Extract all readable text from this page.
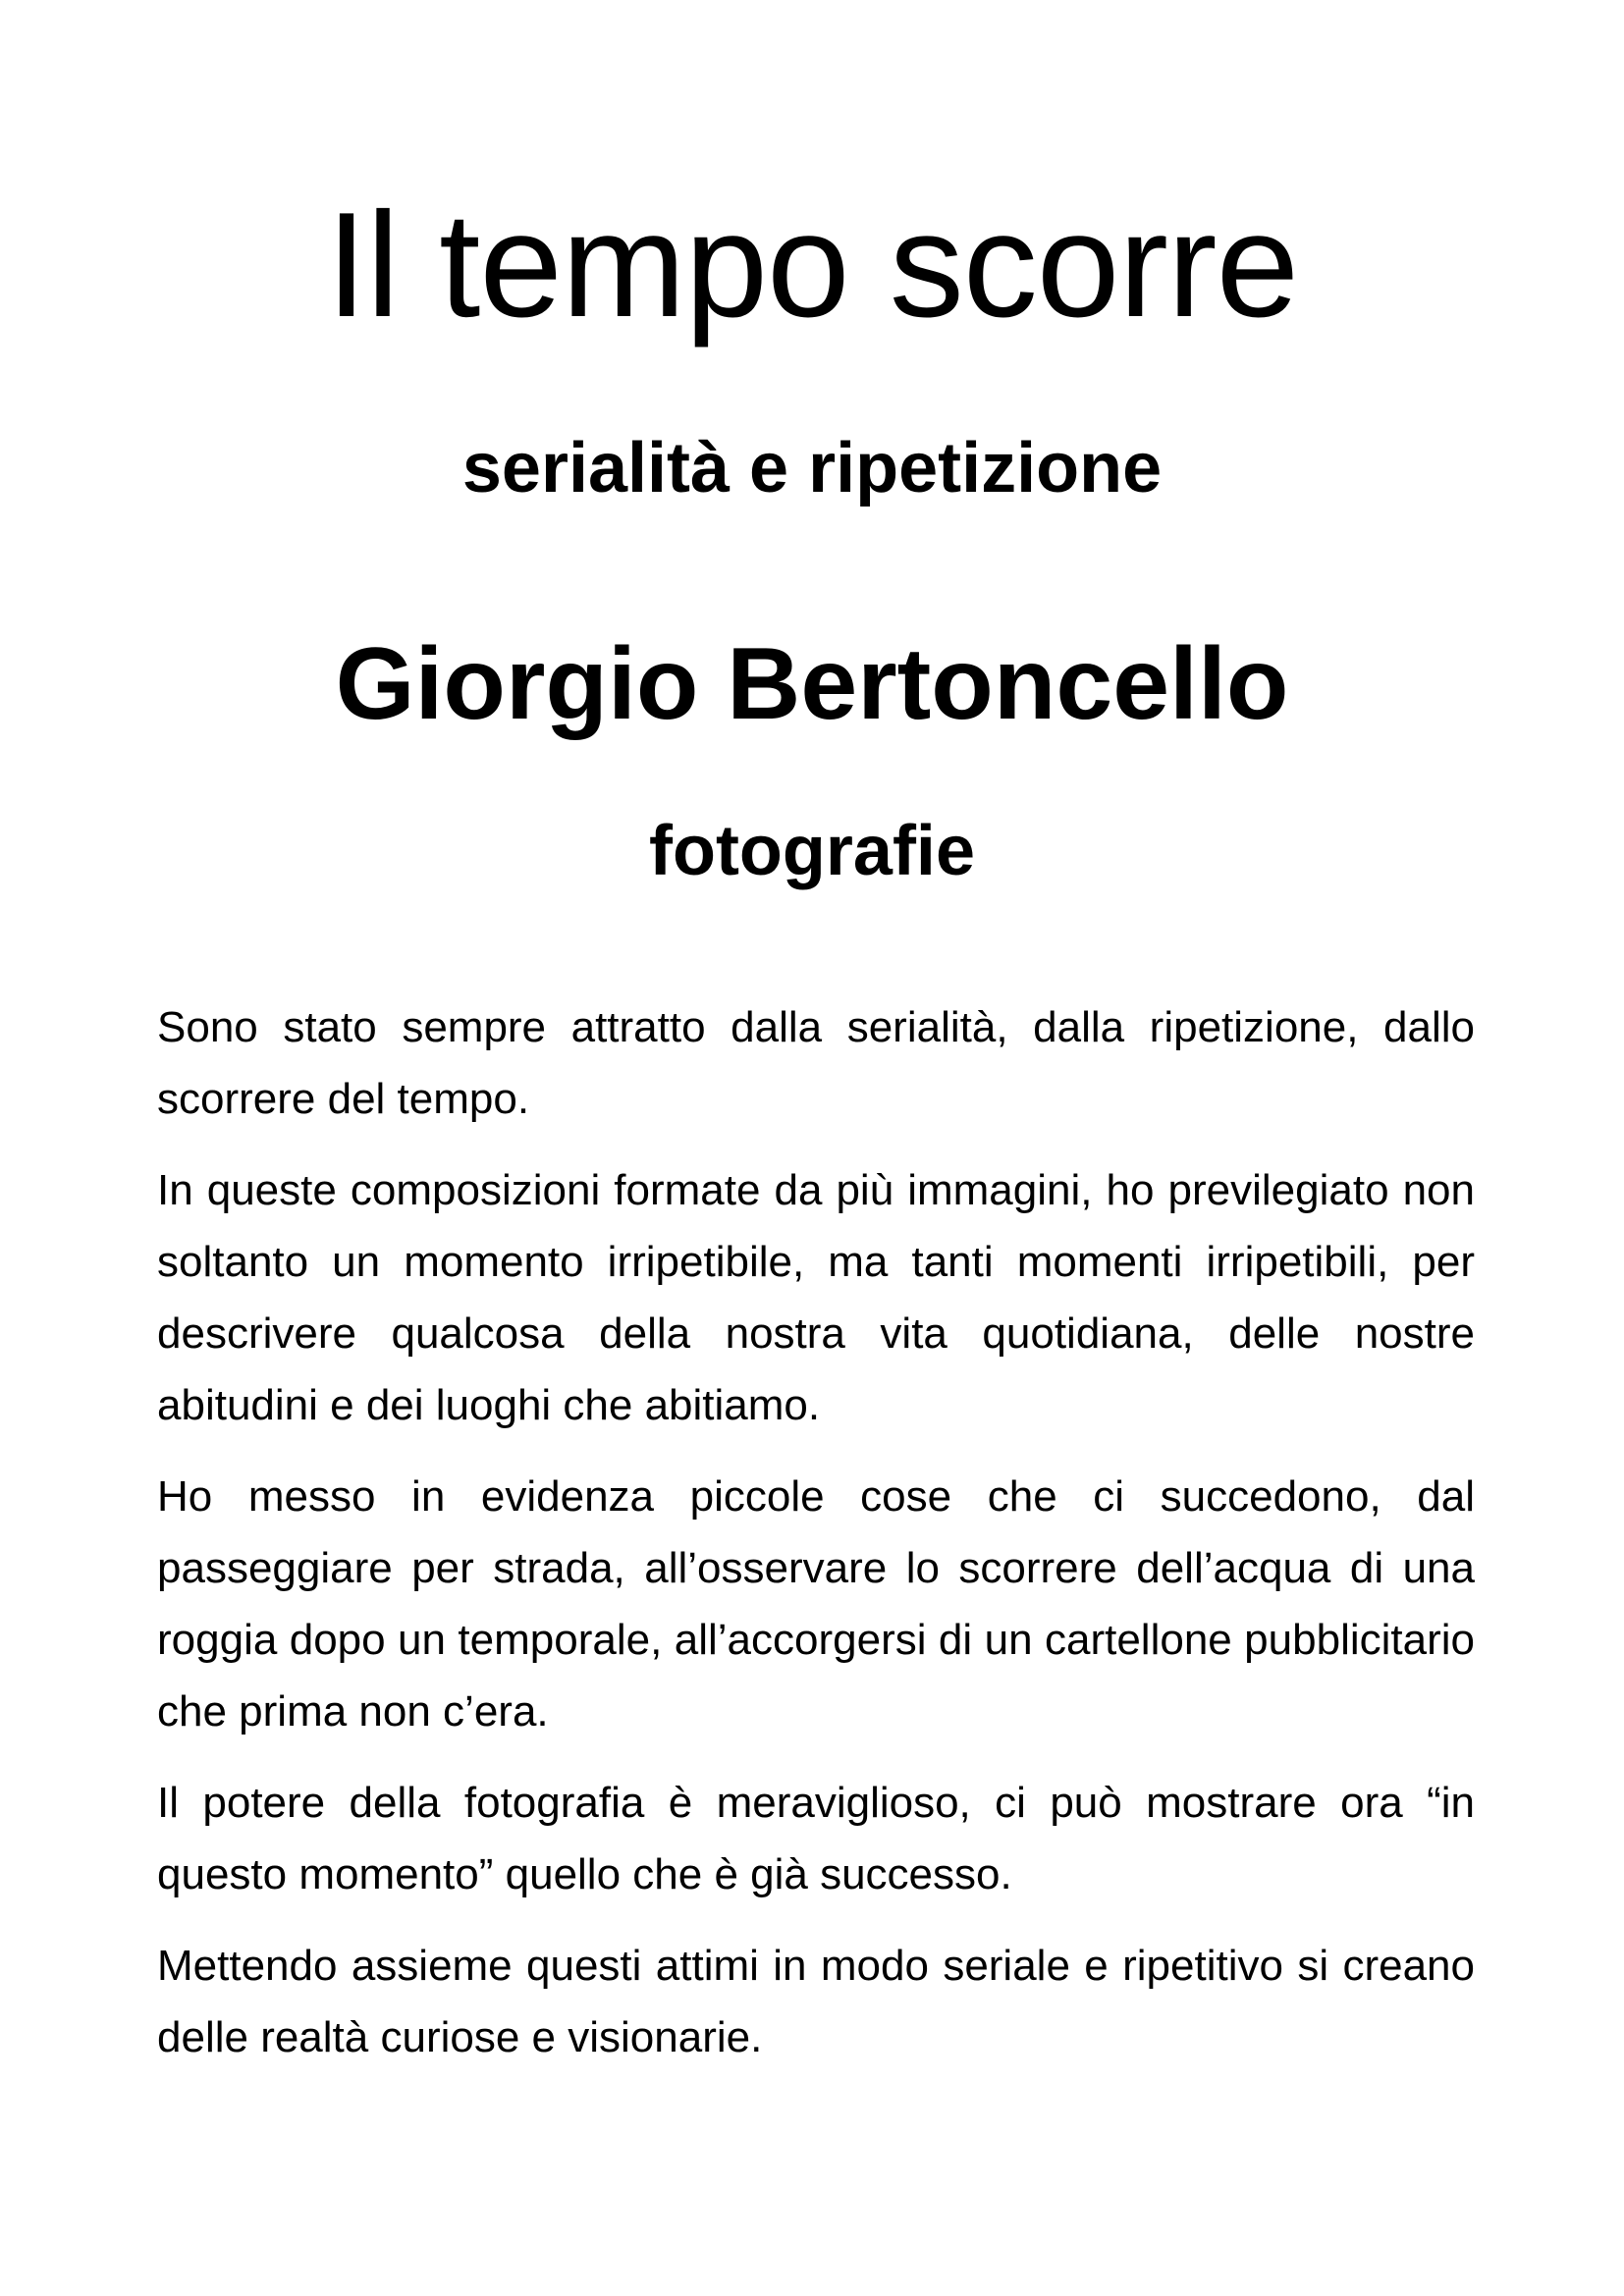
Il tempo scorre
serialità e ripetizione
Giorgio Bertoncello
fotografie

Sono stato sempre attratto dalla serialità, dalla ripetizione, dallo scorrere del tempo.

In queste composizioni formate da più immagini, ho previlegiato non soltanto un momento irripetibile, ma tanti momenti irripetibili, per descrivere qualcosa della nostra vita quotidiana, delle nostre abitudini e dei luoghi che abitiamo.

Ho messo in evidenza piccole cose che ci succedono, dal passeggiare per strada, all’osservare lo scorrere dell’acqua di una roggia dopo un temporale, all’accorgersi di un cartellone pubblicitario che prima non c’era.

Il potere della fotografia è meraviglioso, ci può mostrare ora “in questo momento” quello che è già successo.

Mettendo assieme questi attimi in modo seriale e ripetitivo si creano delle realtà curiose e visionarie.
